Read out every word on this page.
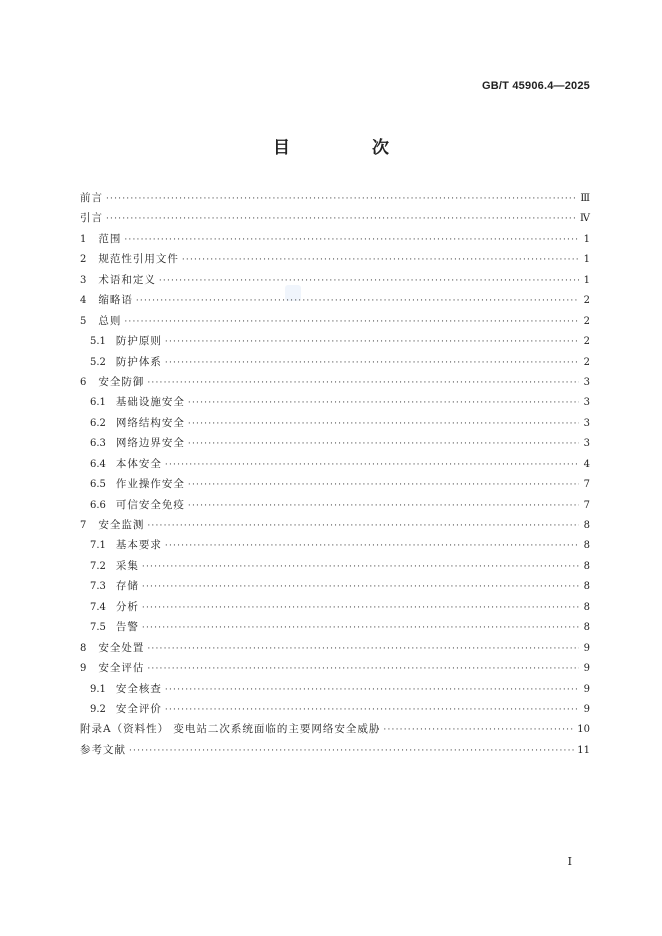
GB/T 45906.4—2025
目 次
前言 ·····	Ⅲ
引言 ·····	Ⅳ
1 范围 ·····	1
2 规范性引用文件 ·····	1
3 术语和定义 ·····	1
4 缩略语 ·····	2
5 总则 ·····	2
5.1 防护原则 ·····	2
5.2 防护体系 ·····	2
6 安全防御 ·····	3
6.1 基础设施安全 ·····	3
6.2 网络结构安全 ·····	3
6.3 网络边界安全 ·····	3
6.4 本体安全 ·····	4
6.5 作业操作安全 ·····	7
6.6 可信安全免疫 ·····	7
7 安全监测 ·····	8
7.1 基本要求 ·····	8
7.2 采集 ·····	8
7.3 存储 ·····	8
7.4 分析 ·····	8
7.5 告警 ·····	8
8 安全处置 ·····	9
9 安全评估 ·····	9
9.1 安全核查 ·····	9
9.2 安全评价 ·····	9
附录A（资料性） 变电站二次系统面临的主要网络安全威胁 ·····	10
参考文献 ·····	11
Ⅰ
